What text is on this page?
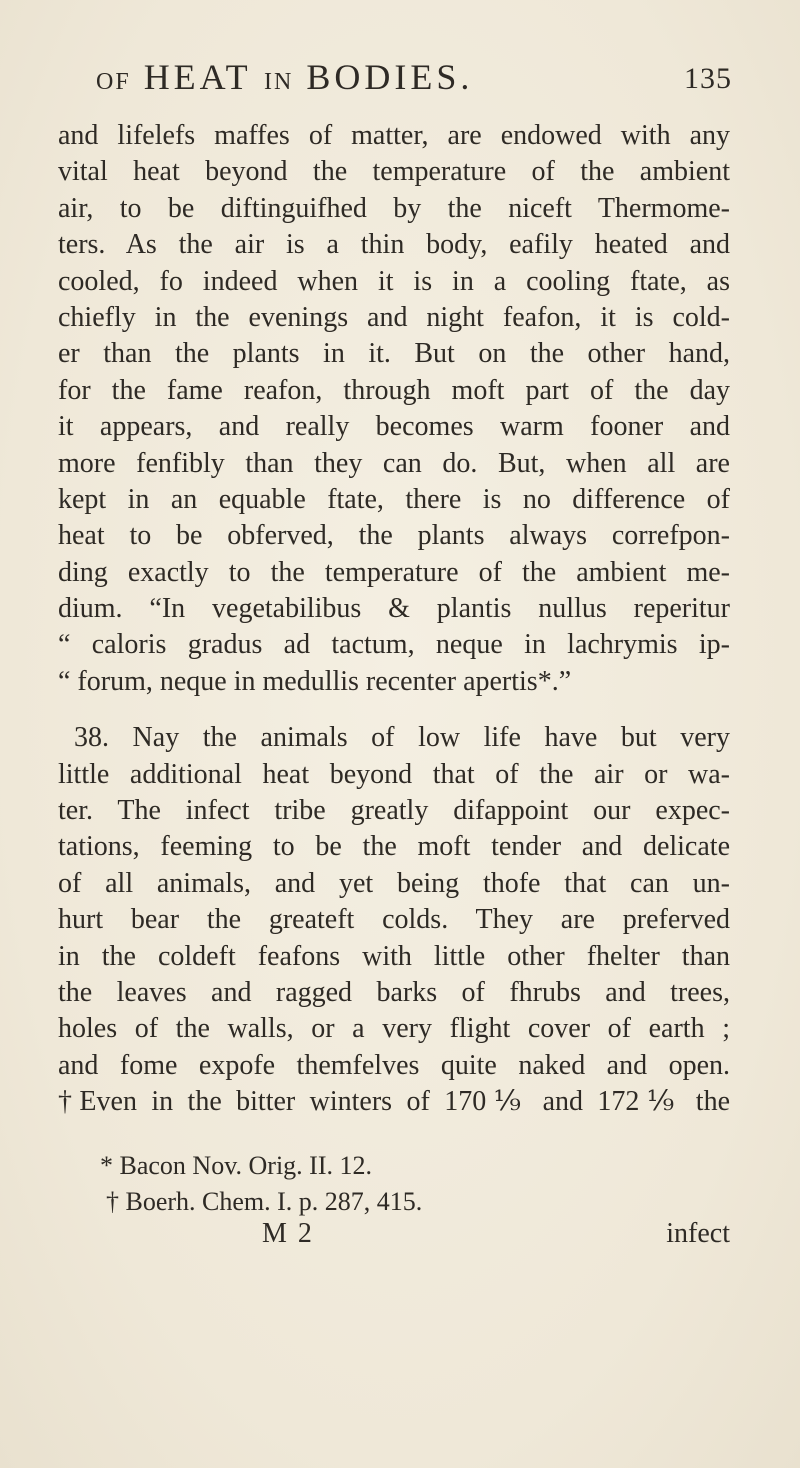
OF HEAT IN BODIES.	135
and lifelefs maffes of matter, are endowed with any
vital heat beyond the temperature of the ambient
air, to be diftinguifhed by the niceft Thermome-
ters. As the air is a thin body, eafily heated and
cooled, fo indeed when it is in a cooling ftate, as
chiefly in the evenings and night feafon, it is cold-
er than the plants in it. But on the other hand,
for the fame reafon, through moft part of the day
it appears, and really becomes warm fooner and
more fenfibly than they can do. But, when all are
kept in an equable ftate, there is no difference of
heat to be obferved, the plants always correfpon-
ding exactly to the temperature of the ambient me-
dium. “In vegetabilibus & plantis nullus reperitur
“ caloris gradus ad tactum, neque in lachrymis ip-
“ forum, neque in medullis recenter apertis*.”
38. Nay the animals of low life have but very
little additional heat beyond that of the air or wa-
ter. The infect tribe greatly difappoint our expec-
tations, feeming to be the moft tender and delicate
of all animals, and yet being thofe that can un-
hurt bear the greateft colds. They are preferved
in the coldeft feafons with little other fhelter than
the leaves and ragged barks of fhrubs and trees,
holes of the walls, or a very flight cover of earth ;
and fome expofe themfelves quite naked and open.
†Even in the bitter winters of 170⅑ and 172⅑ the
* Bacon Nov. Orig. II. 12.
† Boerh. Chem. I. p. 287, 415.
M 2	infect
